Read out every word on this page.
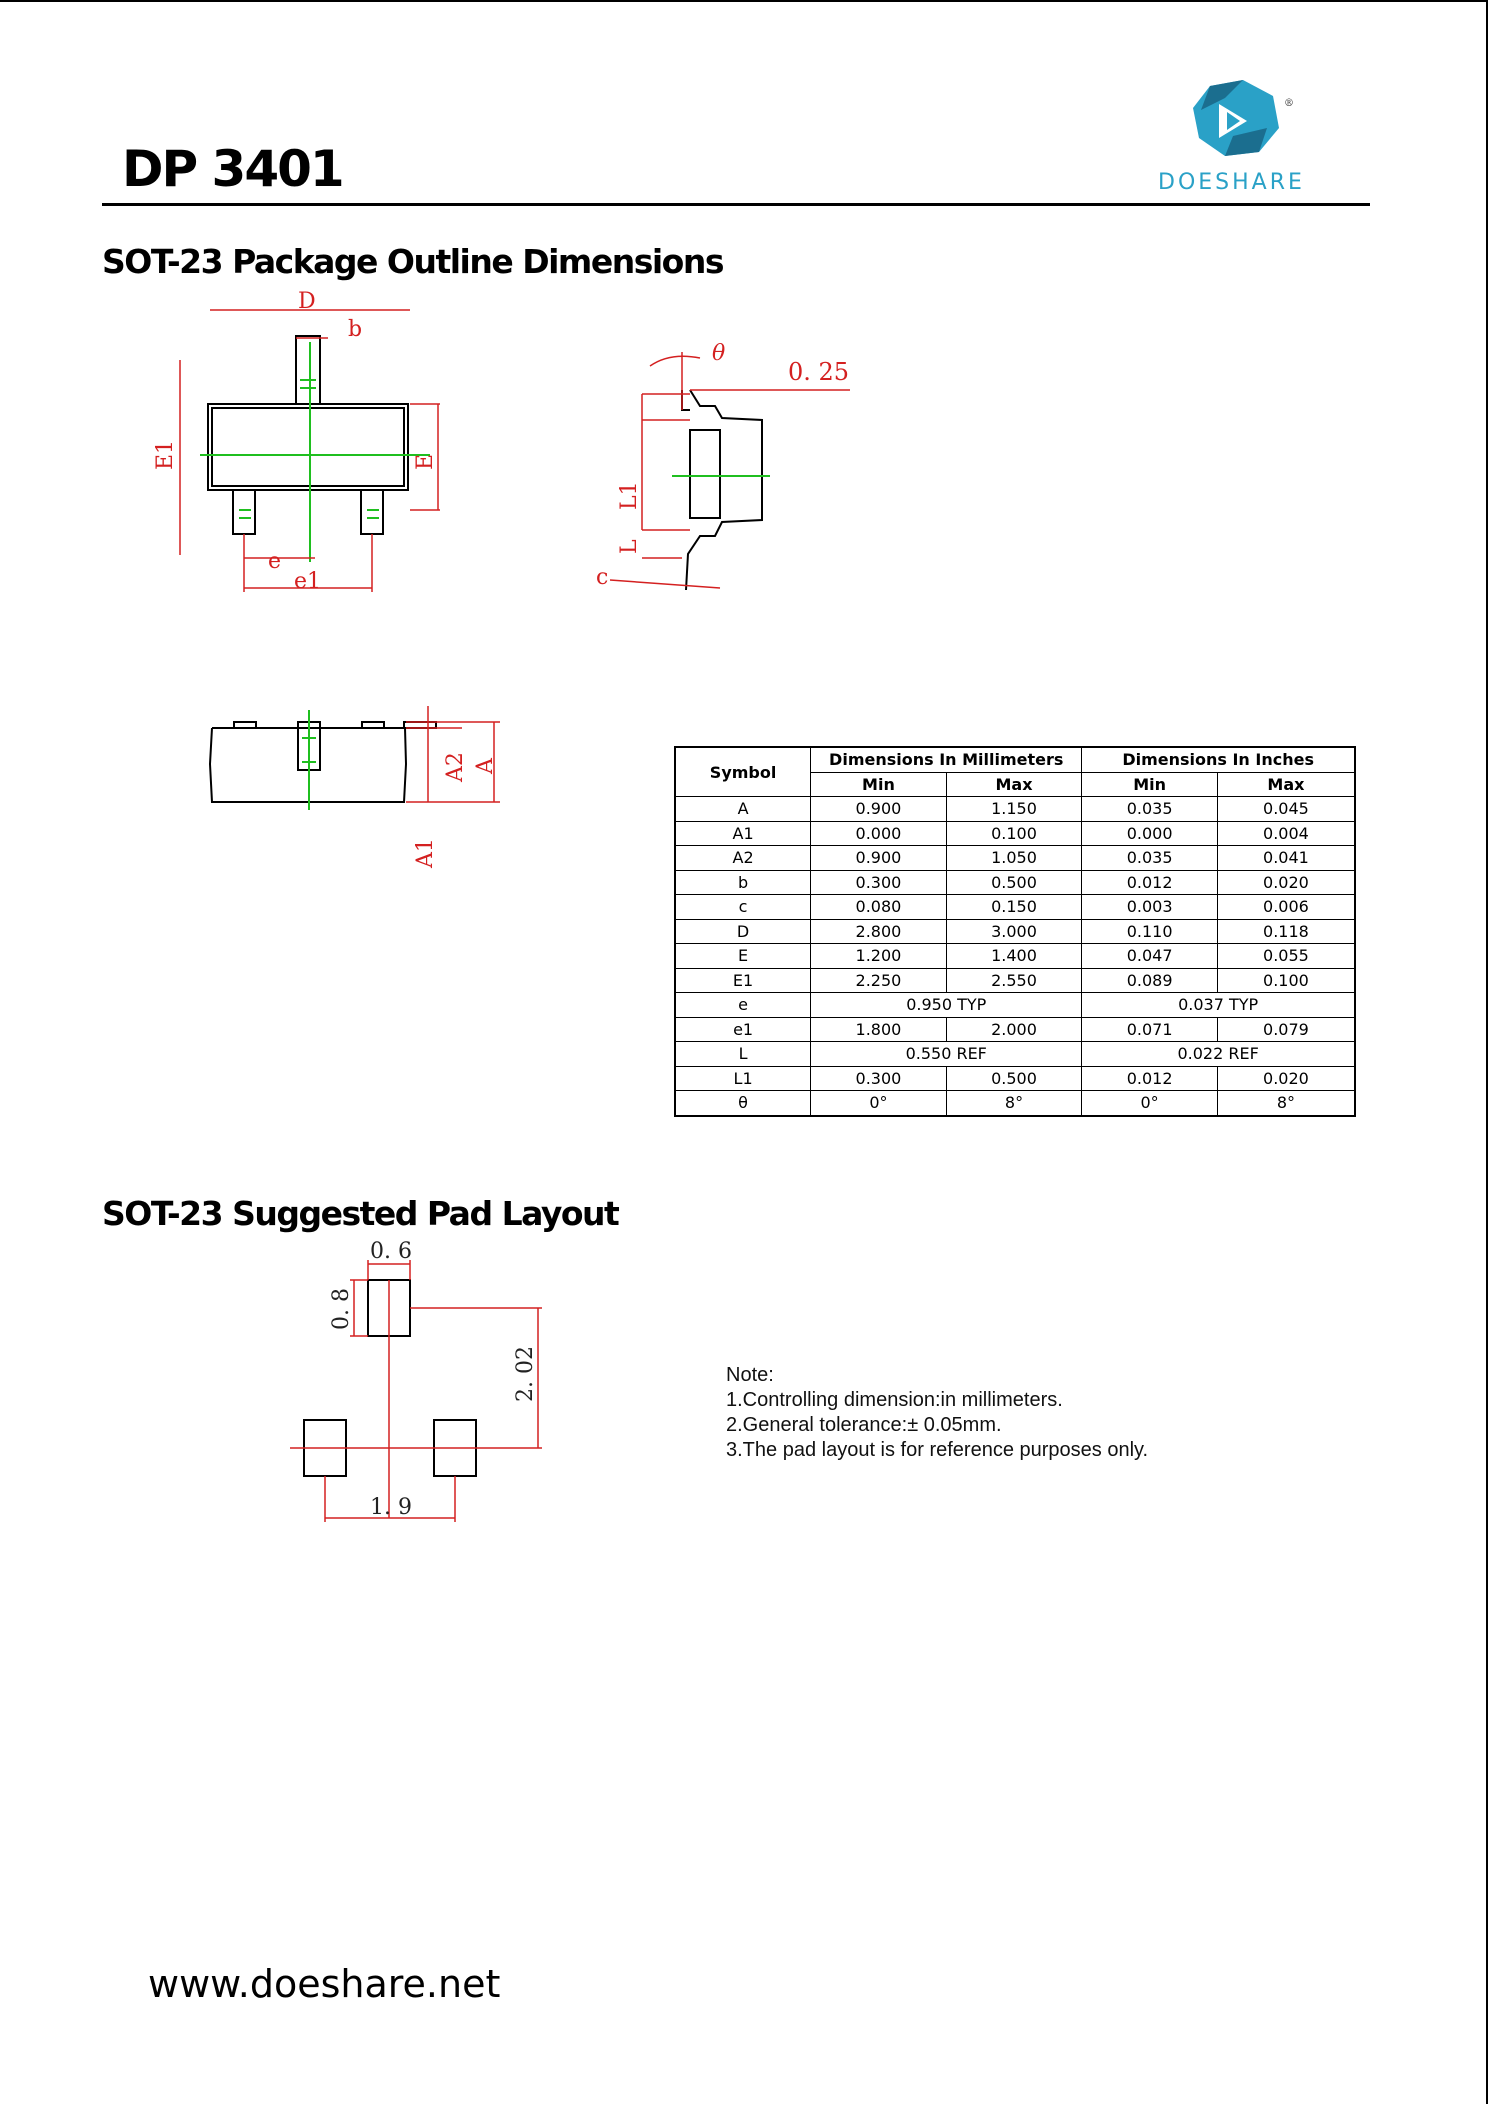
DP 3401
®
DOESHARE
SOT-23 Package Outline Dimensions
D
b
E1	E
e
e1
θ
0. 25
L1
L
c
A2 A
A1
Symbol	Dimensions In Millimeters		Dimensions In Inches	
	Min	Max	Min	Max
A	0.900	1.150	0.035	0.045
A1	0.000	0.100	0.000	0.004
A2	0.900	1.050	0.035	0.041
b	0.300	0.500	0.012	0.020
c	0.080	0.150	0.003	0.006
D	2.800	3.000	0.110	0.118
E	1.200	1.400	0.047	0.055
E1	2.250	2.550	0.089	0.100
e	0.950 TYP		0.037 TYP	
e1	1.800	2.000	0.071	0.079
L	0.550 REF		0.022 REF	
L1	0.300	0.500	0.012	0.020
θ	0°	8°	0°	8°
SOT-23 Suggested Pad Layout
0. 6
0. 8
2. 02
1. 9
Note:
1.Controlling dimension:in millimeters.
2.General tolerance:± 0.05mm.
3.The pad layout is for reference purposes only.
www.doeshare.net
